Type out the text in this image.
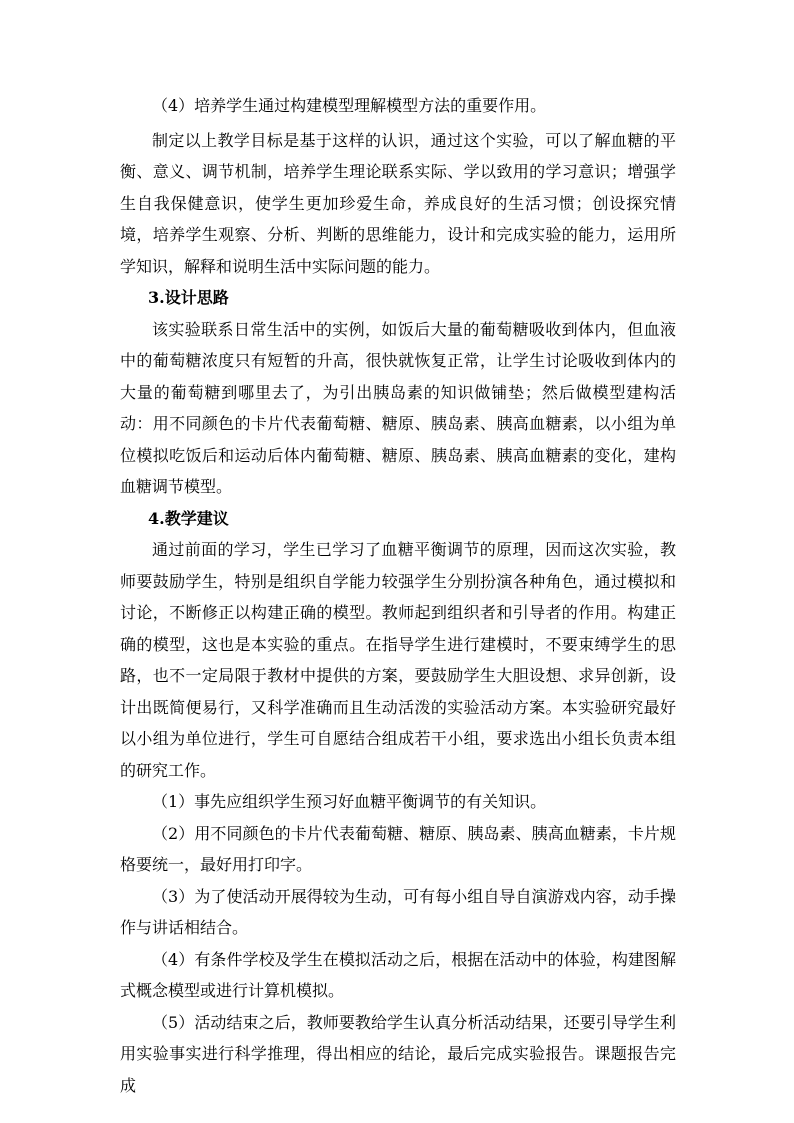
（4）培养学生通过构建模型理解模型方法的重要作用。

制定以上教学目标是基于这样的认识，通过这个实验，可以了解血糖的平衡、意义、调节机制，培养学生理论联系实际、学以致用的学习意识；增强学生自我保健意识，使学生更加珍爱生命，养成良好的生活习惯；创设探究情境，培养学生观察、分析、判断的思维能力，设计和完成实验的能力，运用所学知识，解释和说明生活中实际问题的能力。

3.设计思路

该实验联系日常生活中的实例，如饭后大量的葡萄糖吸收到体内，但血液中的葡萄糖浓度只有短暂的升高，很快就恢复正常，让学生讨论吸收到体内的大量的葡萄糖到哪里去了，为引出胰岛素的知识做铺垫；然后做模型建构活动：用不同颜色的卡片代表葡萄糖、糖原、胰岛素、胰高血糖素，以小组为单位模拟吃饭后和运动后体内葡萄糖、糖原、胰岛素、胰高血糖素的变化，建构血糖调节模型。

4.教学建议

通过前面的学习，学生已学习了血糖平衡调节的原理，因而这次实验，教师要鼓励学生，特别是组织自学能力较强学生分别扮演各种角色，通过模拟和讨论，不断修正以构建正确的模型。教师起到组织者和引导者的作用。构建正确的模型，这也是本实验的重点。在指导学生进行建模时，不要束缚学生的思路，也不一定局限于教材中提供的方案，要鼓励学生大胆设想、求异创新，设计出既简便易行，又科学准确而且生动活泼的实验活动方案。本实验研究最好以小组为单位进行，学生可自愿结合组成若干小组，要求选出小组长负责本组的研究工作。

（1）事先应组织学生预习好血糖平衡调节的有关知识。

（2）用不同颜色的卡片代表葡萄糖、糖原、胰岛素、胰高血糖素，卡片规格要统一，最好用打印字。

（3）为了使活动开展得较为生动，可有每小组自导自演游戏内容，动手操作与讲话相结合。

（4）有条件学校及学生在模拟活动之后，根据在活动中的体验，构建图解式概念模型或进行计算机模拟。

（5）活动结束之后，教师要教给学生认真分析活动结果，还要引导学生利用实验事实进行科学推理，得出相应的结论，最后完成实验报告。课题报告完成
